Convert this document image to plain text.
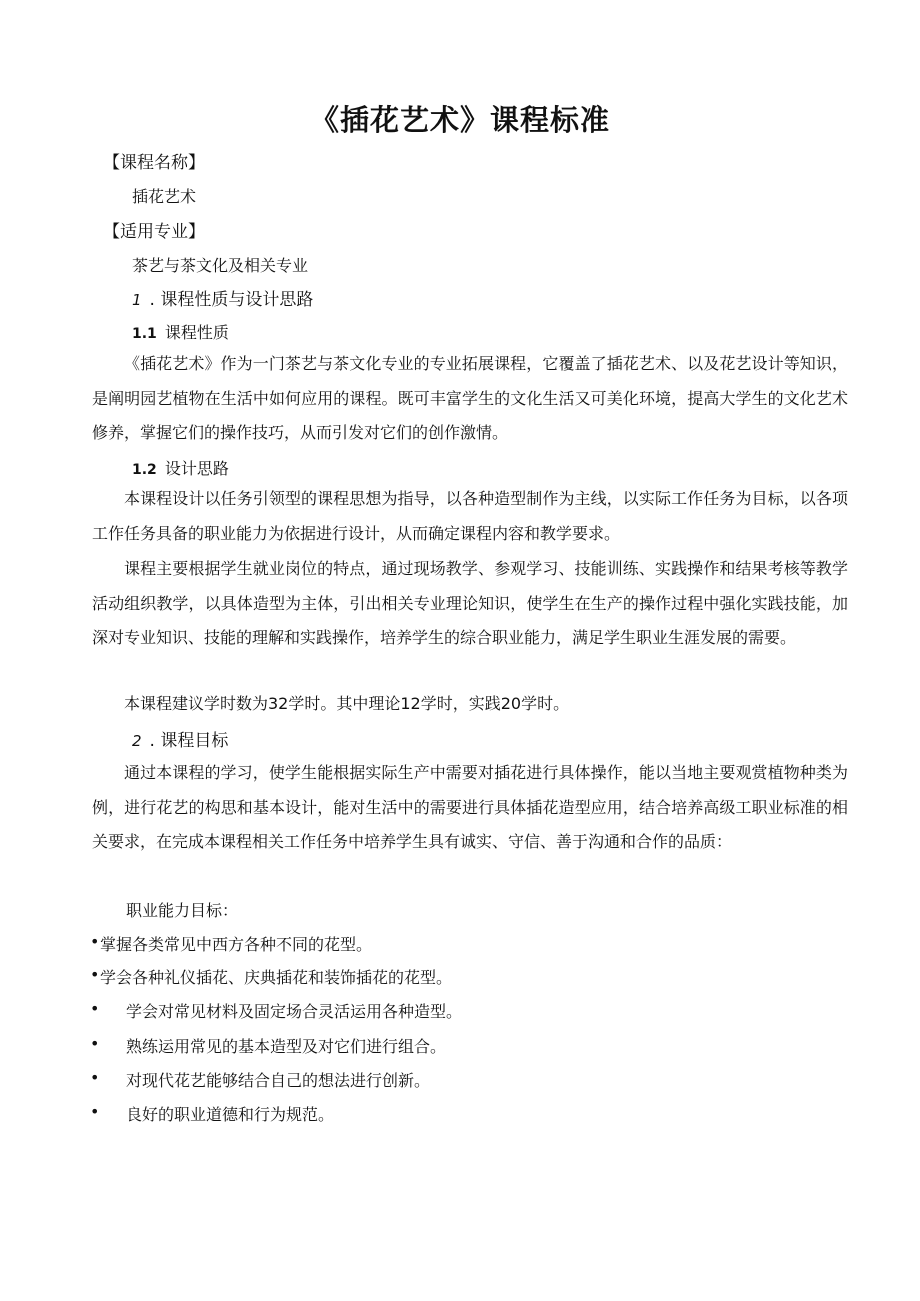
《插花艺术》课程标准
【课程名称】
插花艺术
【适用专业】
茶艺与茶文化及相关专业
1 . 课程性质与设计思路
1.1 课程性质

《插花艺术》作为一门茶艺与茶文化专业的专业拓展课程，它覆盖了插花艺术、以及花艺设计等知识，是阐明园艺植物在生活中如何应用的课程。既可丰富学生的文化生活又可美化环境，提高大学生的文化艺术修养，掌握它们的操作技巧，从而引发对它们的创作激情。

1.2 设计思路

本课程设计以任务引领型的课程思想为指导，以各种造型制作为主线，以实际工作任务为目标，以各项工作任务具备的职业能力为依据进行设计，从而确定课程内容和教学要求。

课程主要根据学生就业岗位的特点，通过现场教学、参观学习、技能训练、实践操作和结果考核等教学活动组织教学，以具体造型为主体，引出相关专业理论知识，使学生在生产的操作过程中强化实践技能，加深对专业知识、技能的理解和实践操作，培养学生的综合职业能力，满足学生职业生涯发展的需要。

本课程建议学时数为32学时。其中理论12学时，实践20学时。

2 . 课程目标

通过本课程的学习，使学生能根据实际生产中需要对插花进行具体操作，能以当地主要观赏植物种类为例，进行花艺的构思和基本设计，能对生活中的需要进行具体插花造型应用，结合培养高级工职业标准的相关要求，在完成本课程相关工作任务中培养学生具有诚实、守信、善于沟通和合作的品质：

职业能力目标：
• 掌握各类常见中西方各种不同的花型。
• 学会各种礼仪插花、庆典插花和装饰插花的花型。
•	学会对常见材料及固定场合灵活运用各种造型。
•	熟练运用常见的基本造型及对它们进行组合。
•	对现代花艺能够结合自己的想法进行创新。
•	良好的职业道德和行为规范。
